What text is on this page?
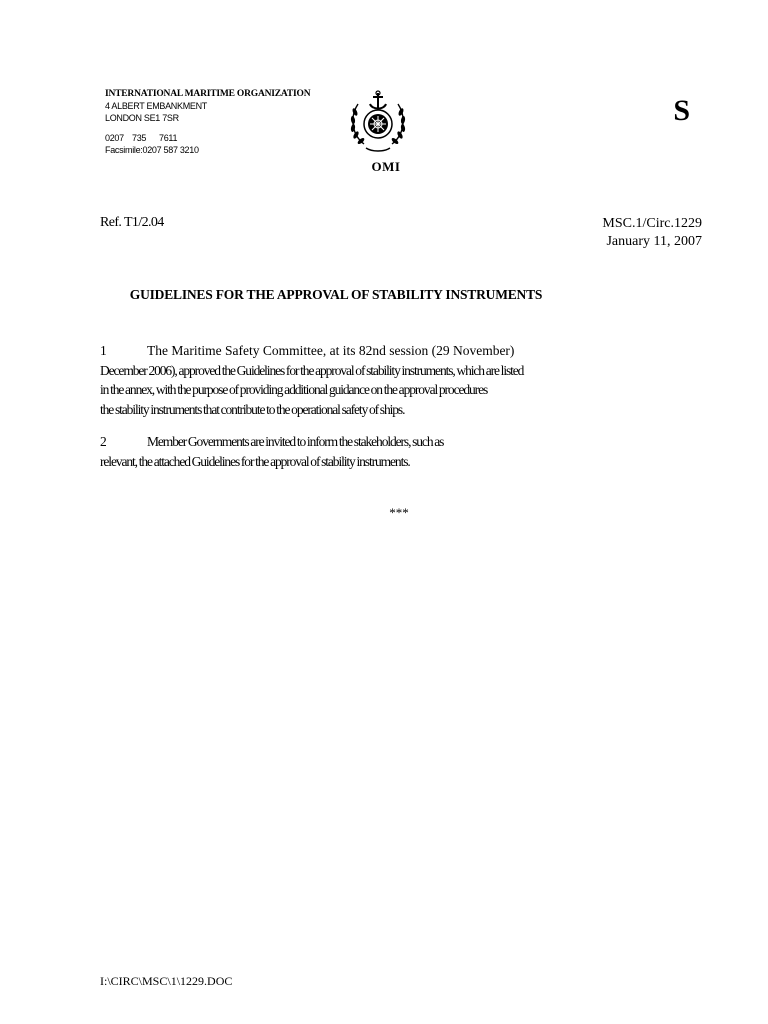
INTERNATIONAL MARITIME ORGANIZATION
4 ALBERT EMBANKMENT
LONDON SE1 7SR
0207 735 7611
Facsimile:0207 587 3210
OMI
S
Ref. T1/2.04	MSC.1/Circ.1229
January 11, 2007
GUIDELINES FOR THE APPROVAL OF STABILITY INSTRUMENTS
1	The Maritime Safety Committee, at its 82nd session (29 November)
December 2006), approved the Guidelines for the approval of stability instruments, which are listed
in the annex, with the purpose of providing additional guidance on the approval procedures
the stability instruments that contribute to the operational safety of ships.
2	Member Governments are invited to inform the stakeholders, such as
relevant, the attached Guidelines for the approval of stability instruments.
***
I:\CIRC\MSC\1\1229.DOC
